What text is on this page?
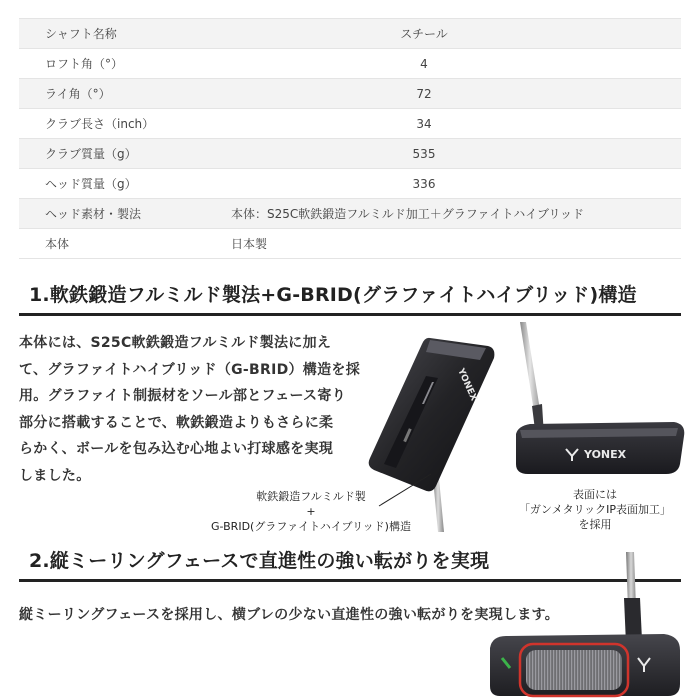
シャフト名称	スチール
ロフト角（°）	4
ライ角（°）	72
クラブ長さ（inch）	34
クラブ質量（g）	535
ヘッド質量（g）	336
ヘッド素材・製法	本体：S25C軟鉄鍛造フルミルド加工＋グラファイトハイブリッド
本体	日本製
1.軟鉄鍛造フルミルド製法+G-BRID(グラファイトハイブリッド)構造
本体には、S25C軟鉄鍛造フルミルド製法に加え
て、グラファイトハイブリッド（G-BRID）構造を採
用。グラファイト制振材をソール部とフェース寄り
部分に搭載することで、軟鉄鍛造よりもさらに柔
らかく、ボールを包み込む心地よい打球感を実現
しました。
YONEX
YONEX
軟鉄鍛造フルミルド製
+
G-BRID(グラファイトハイブリッド)構造
表面には
「ガンメタリックIP表面加工」
を採用
2.縦ミーリングフェースで直進性の強い転がりを実現
縦ミーリングフェースを採用し、横ブレの少ない直進性の強い転がりを実現します。
